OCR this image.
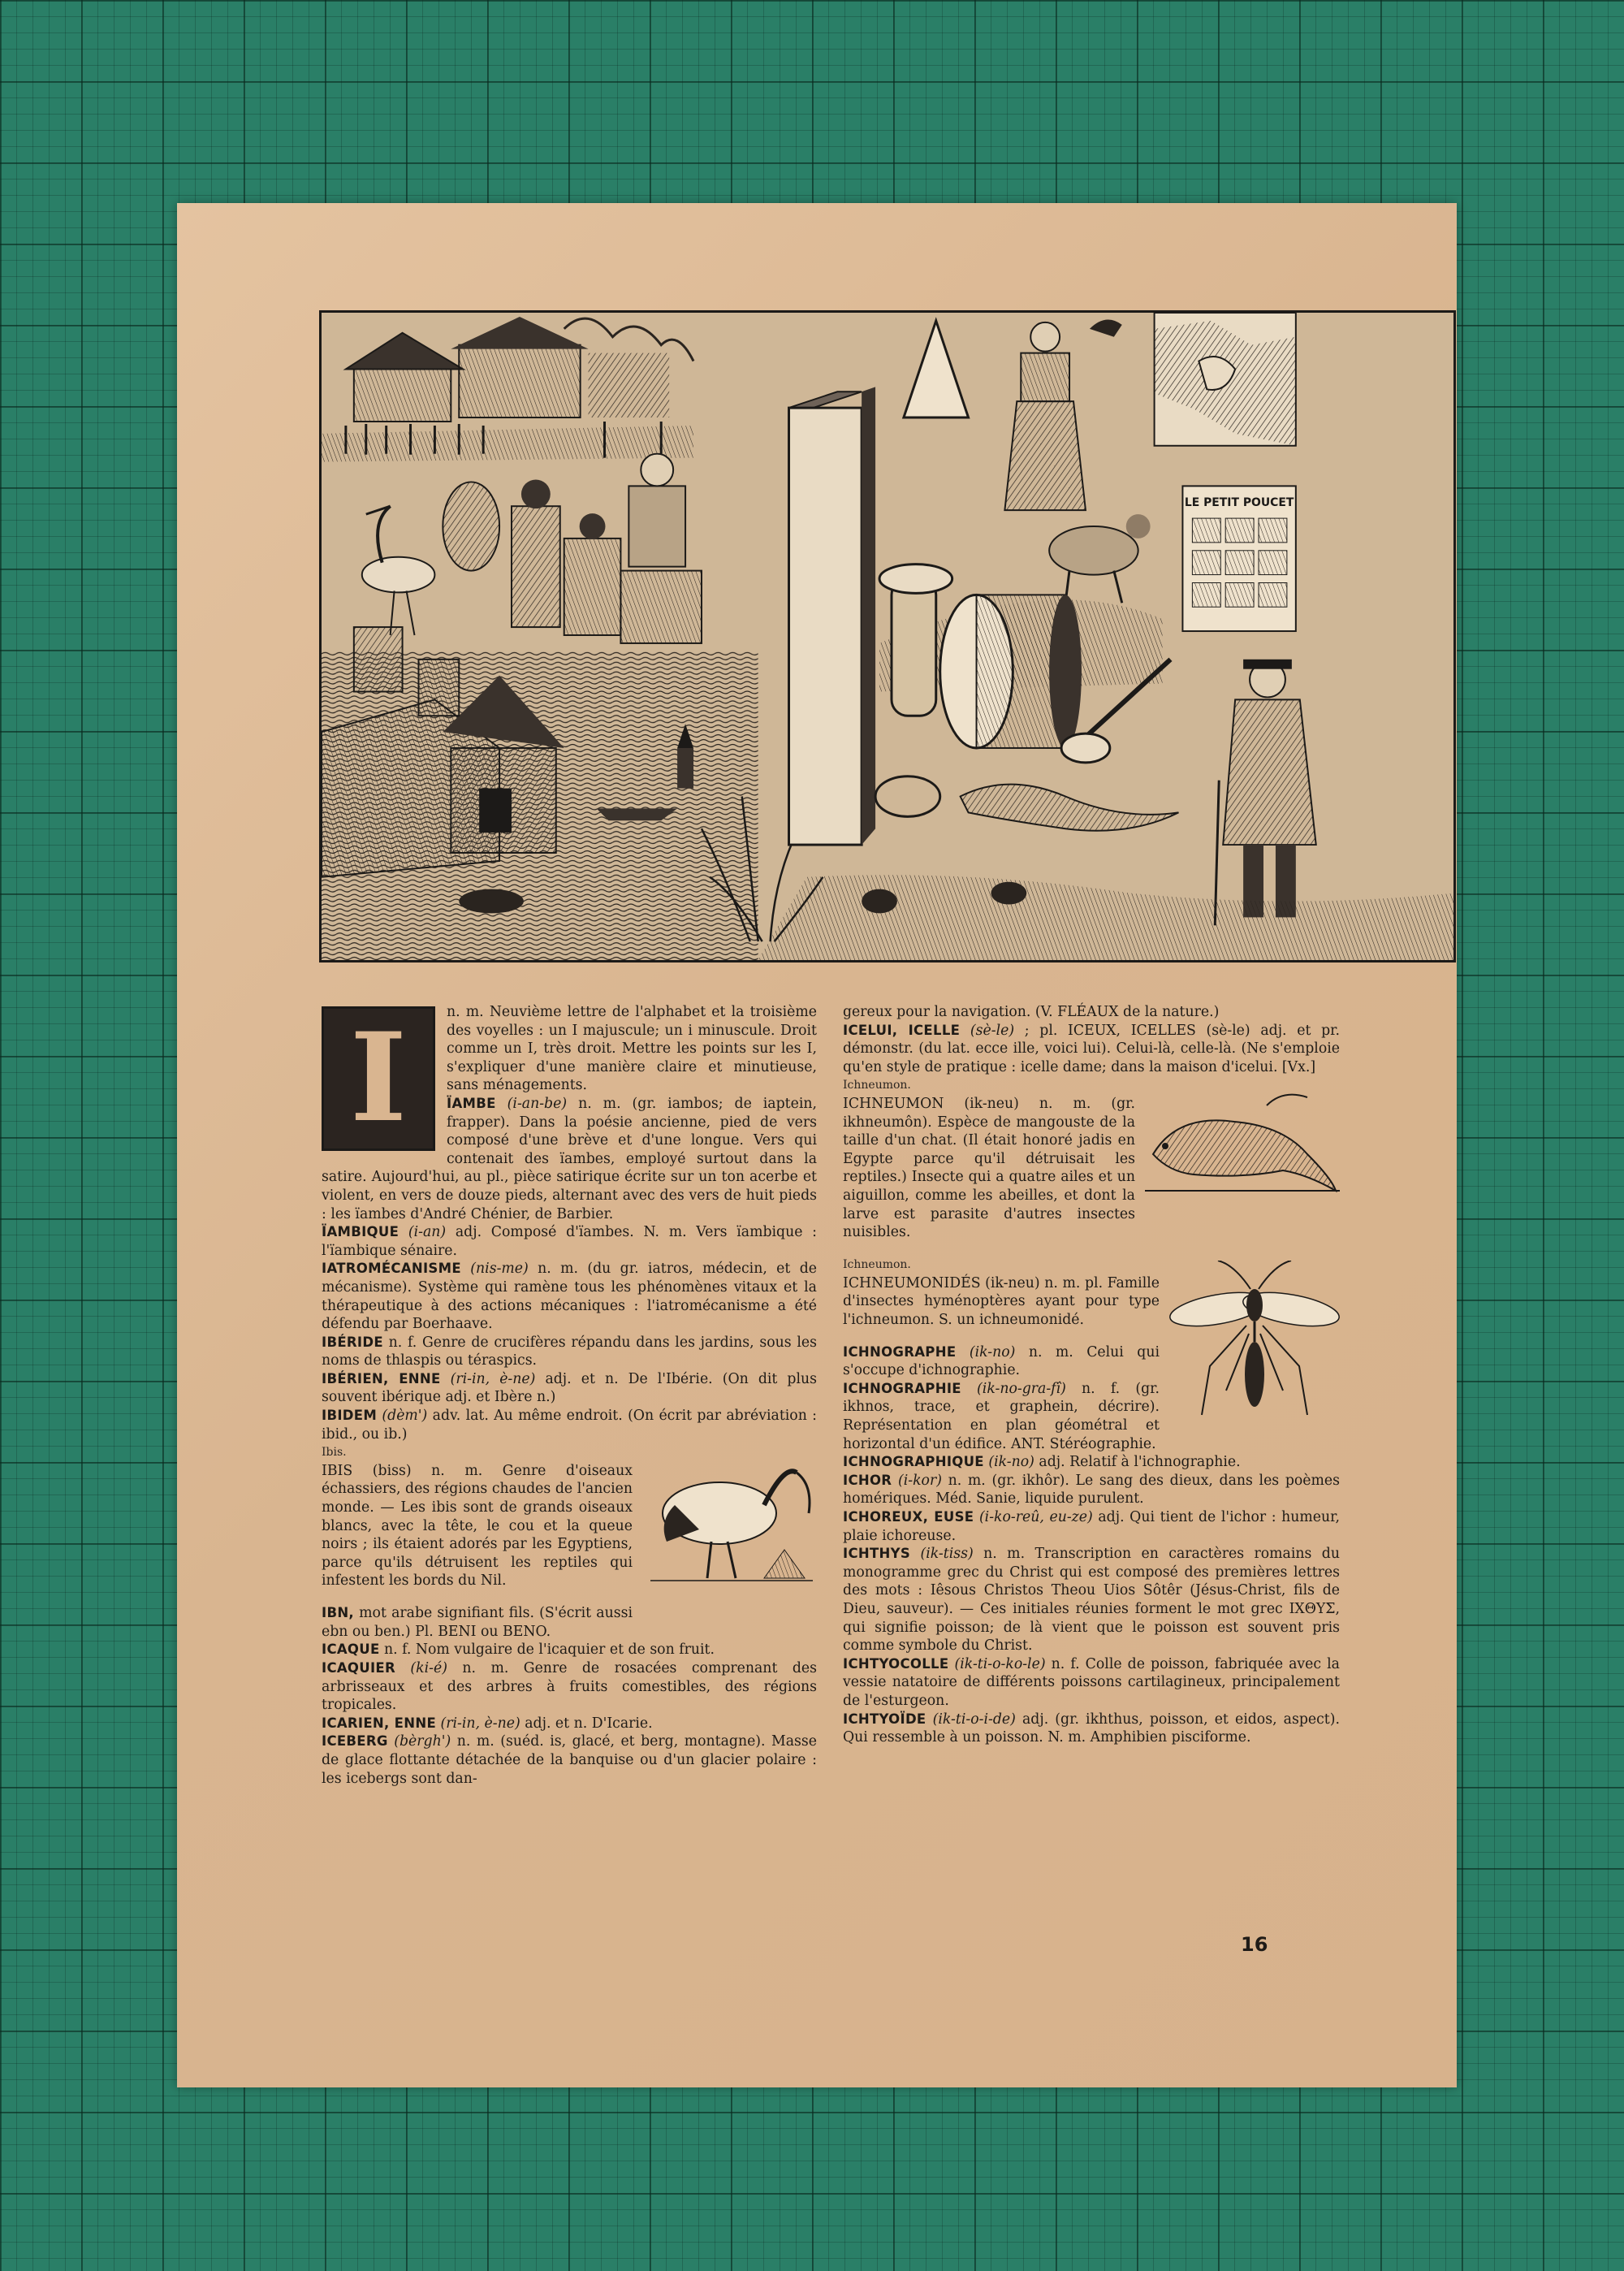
LE PETIT POUCET
I	n. m. Neuvième lettre de l'alphabet et la troisième des voyelles : un I majuscule; un i minuscule. Droit comme un I, très droit. Mettre les points sur les I, s'expliquer d'une manière claire et minutieuse, sans ménagements.

ÏAMBE (i-an-be) n. m. (gr. iambos; de iaptein, frapper). Dans la poésie ancienne, pied de vers composé d'une brève et d'une longue. Vers qui contenait des ïambes, employé surtout dans la satire. Aujourd'hui, au pl., pièce satirique écrite sur un ton acerbe et violent, en vers de douze pieds, alternant avec des vers de huit pieds : les ïambes d'André Chénier, de Barbier.

ÏAMBIQUE (i-an) adj. Composé d'ïambes. N. m. Vers ïambique : l'ïambique sénaire.

IATROMÉCANISME (nis-me) n. m. (du gr. iatros, médecin, et de mécanisme). Système qui ramène tous les phénomènes vitaux et la thérapeutique à des actions mécaniques : l'iatromécanisme a été défendu par Boerhaave.

IBÉRIDE n. f. Genre de crucifères répandu dans les jardins, sous les noms de thlaspis ou téraspics.

IBÉRIEN, ENNE (ri-in, è-ne) adj. et n. De l'Ibérie. (On dit plus souvent ibérique adj. et Ibère n.)

IBIDEM (dèm') adv. lat. Au même endroit. (On écrit par abréviation : ibid., ou ib.)

Ibis.
IBIS (biss) n. m. Genre d'oiseaux échassiers, des régions chaudes de l'ancien monde. — Les ibis sont de grands oiseaux blancs, avec la tête, le cou et la queue noirs ; ils étaient adorés par les Egyptiens, parce qu'ils détruisent les reptiles qui infestent les bords du Nil.

IBN, mot arabe signifiant fils. (S'écrit aussi ebn ou ben.) Pl. BENI ou BENO.

ICAQUE n. f. Nom vulgaire de l'icaquier et de son fruit.

ICAQUIER (ki-é) n. m. Genre de rosacées comprenant des arbrisseaux et des arbres à fruits comestibles, des régions tropicales.

ICARIEN, ENNE (ri-in, è-ne) adj. et n. D'Icarie.

ICEBERG (bèrgh') n. m. (suéd. is, glacé, et berg, montagne). Masse de glace flottante détachée de la banquise ou d'un glacier polaire : les icebergs sont dan-

gereux pour la navigation. (V. FLÉAUX de la nature.)

ICELUI, ICELLE (sè-le) ; pl. ICEUX, ICELLES (sè-le) adj. et pr. démonstr. (du lat. ecce ille, voici lui). Celui-là, celle-là. (Ne s'emploie qu'en style de pratique : icelle dame; dans la maison d'icelui. [Vx.]

Ichneumon.
ICHNEUMON (ik-neu) n. m. (gr. ikhneumôn). Espèce de mangouste de la taille d'un chat. (Il était honoré jadis en Egypte parce qu'il détruisait les reptiles.) Insecte qui a quatre ailes et un aiguillon, comme les abeilles, et dont la larve est parasite d'autres insectes nuisibles.

Ichneumon.
ICHNEUMONIDÉS (ik-neu) n. m. pl. Famille d'insectes hyménoptères ayant pour type l'ichneumon. S. un ichneumonidé.

ICHNOGRAPHE (ik-no) n. m. Celui qui s'occupe d'ichnographie.

ICHNOGRAPHIE (ik-no-gra-fî) n. f. (gr. ikhnos, trace, et graphein, décrire). Représentation en plan géométral et horizontal d'un édifice. ANT. Stéréographie.

ICHNOGRAPHIQUE (ik-no) adj. Relatif à l'ichnographie.

ICHOR (i-kor) n. m. (gr. ikhôr). Le sang des dieux, dans les poèmes homériques. Méd. Sanie, liquide purulent.

ICHOREUX, EUSE (i-ko-reû, eu-ze) adj. Qui tient de l'ichor : humeur, plaie ichoreuse.

ICHTHYS (ik-tiss) n. m. Transcription en caractères romains du monogramme grec du Christ qui est composé des premières lettres des mots : Iêsous Christos Theou Uios Sôtêr (Jésus-Christ, fils de Dieu, sauveur). — Ces initiales réunies forment le mot grec ΙΧΘΥΣ, qui signifie poisson; de là vient que le poisson est souvent pris comme symbole du Christ.

ICHTYOCOLLE (ik-ti-o-ko-le) n. f. Colle de poisson, fabriquée avec la vessie natatoire de différents poissons cartilagineux, principalement de l'esturgeon.

ICHTYOÏDE (ik-ti-o-i-de) adj. (gr. ikhthus, poisson, et eidos, aspect). Qui ressemble à un poisson. N. m. Amphibien pisciforme.

16
